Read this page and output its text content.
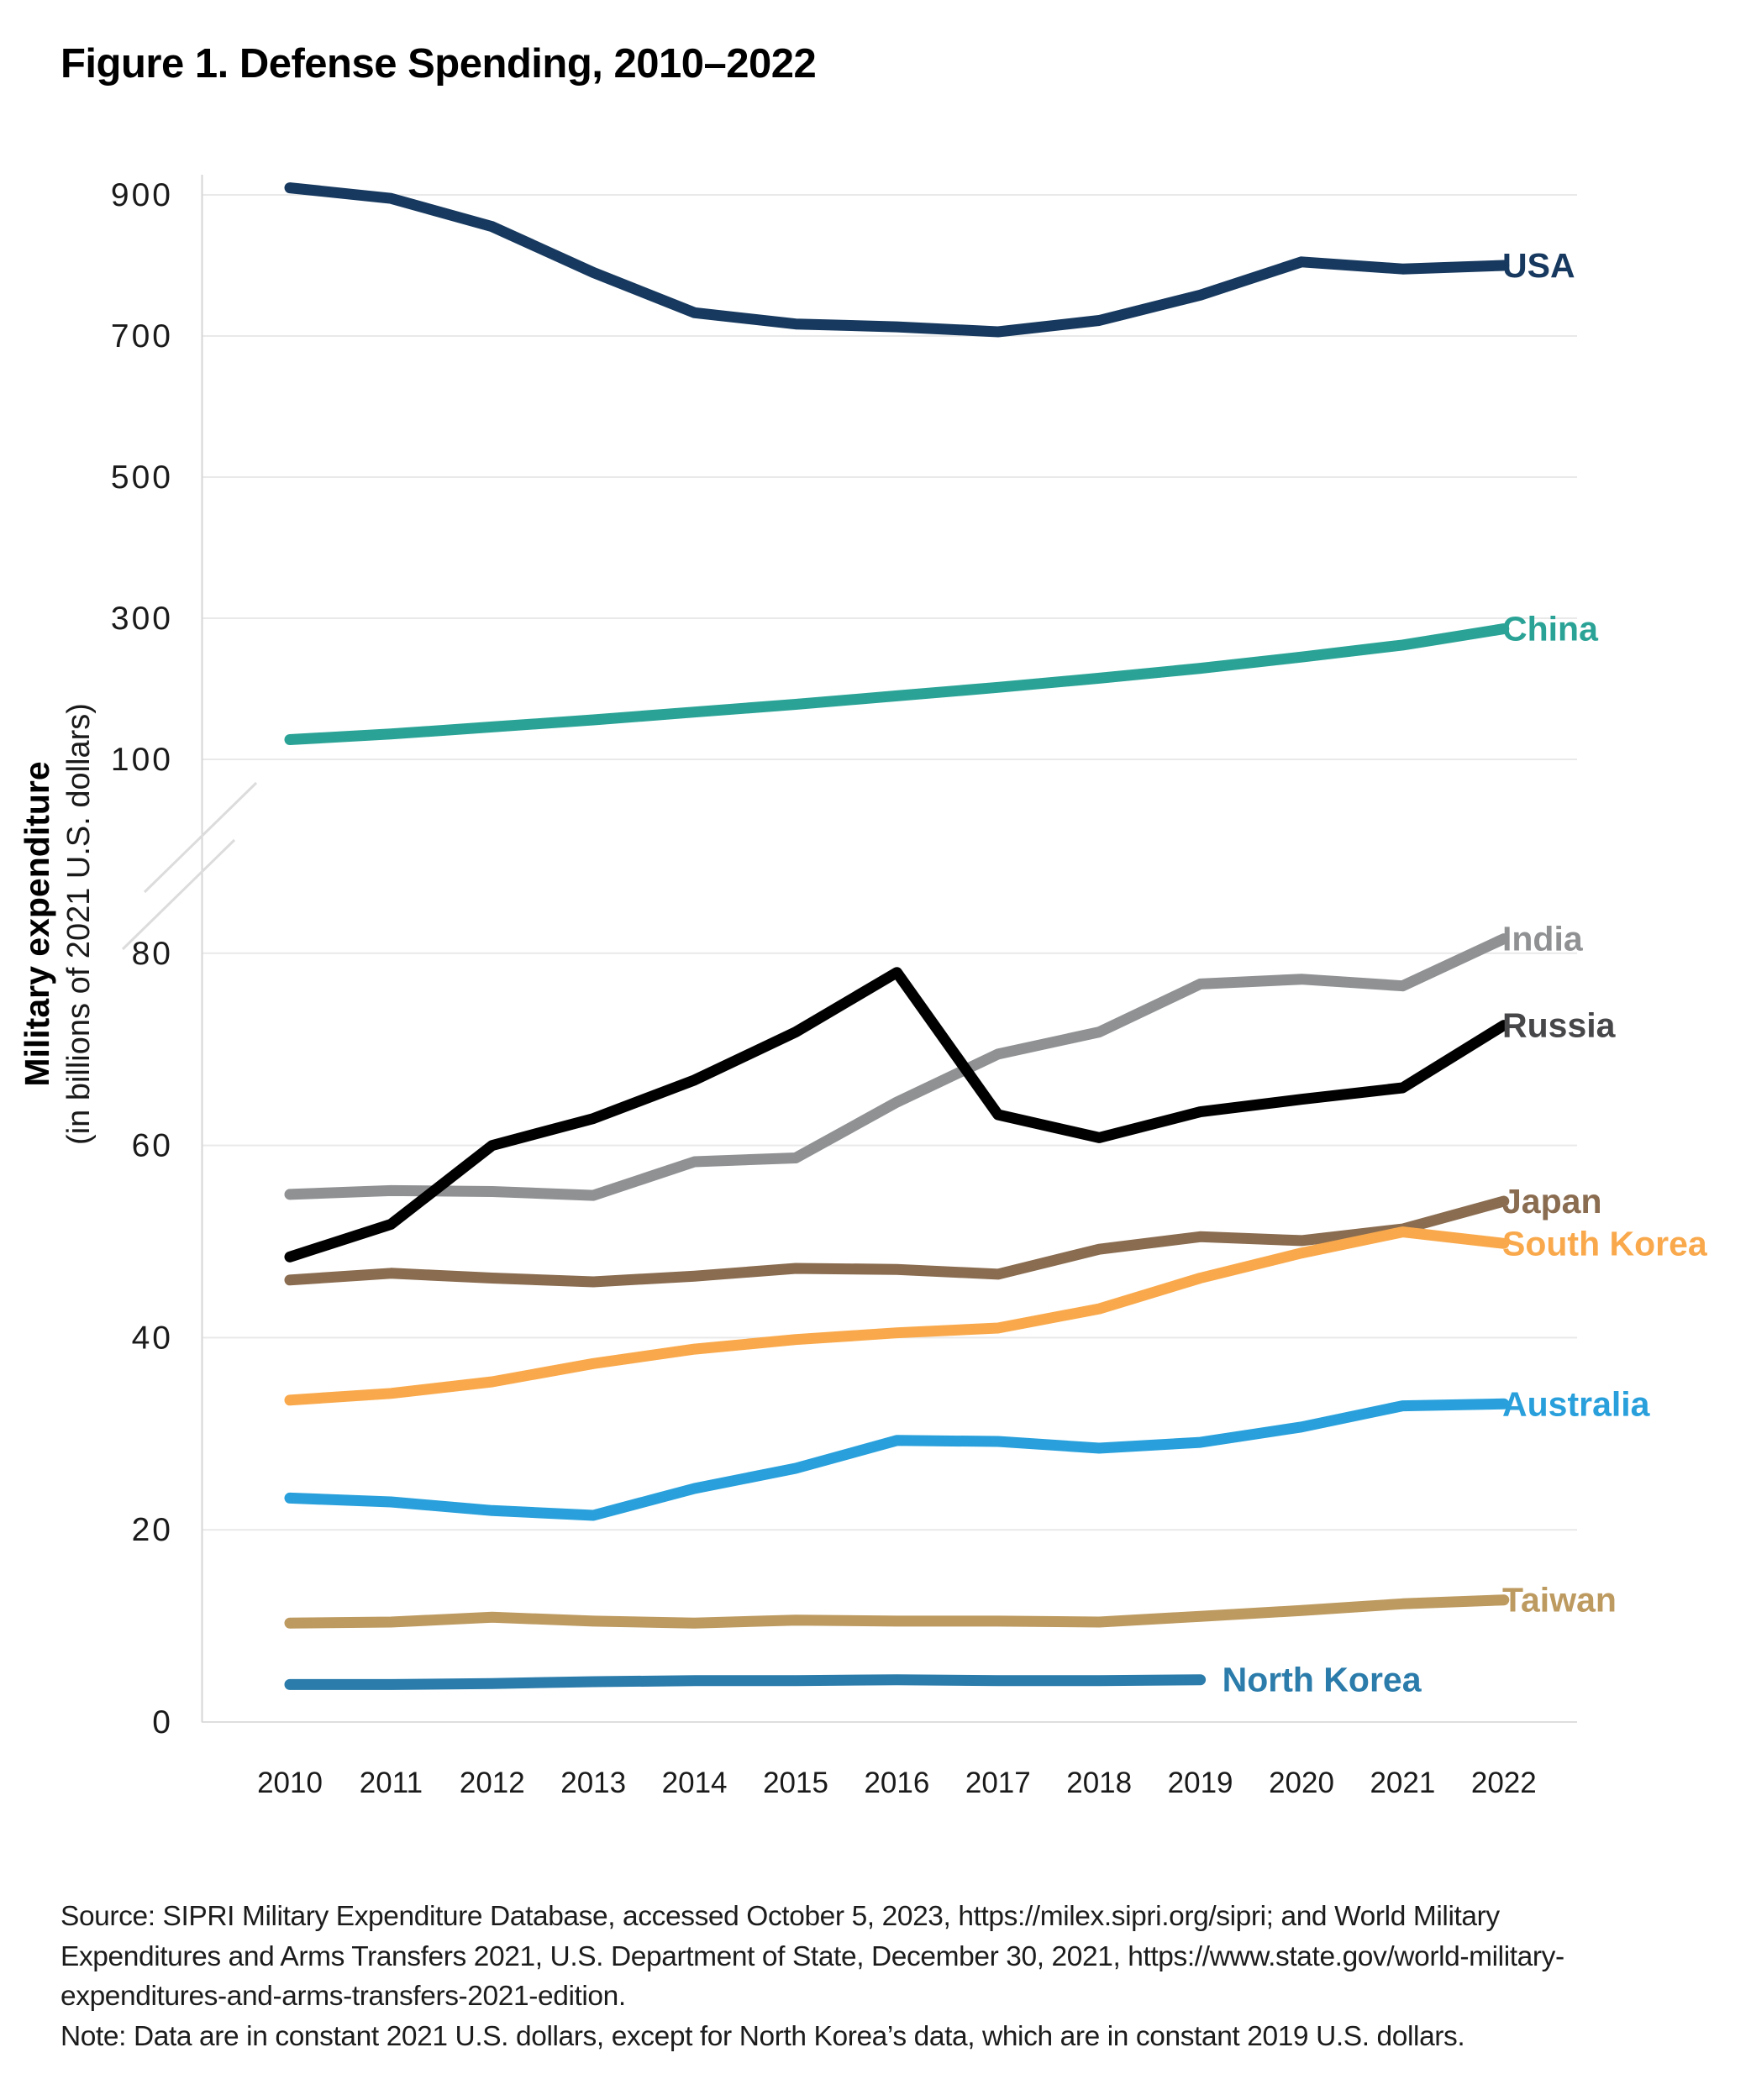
Figure 1. Defense Spending, 2010–2022
900
700
500
300
100
80
60
40
20
0
2010 2011 2012 2013 2014 2015 2016 2017 2018 2019 2020 2021 2022
USA
China
India
Russia
Japan
South Korea
Australia
Taiwan
North Korea
Military expenditure (in billions of 2021 U.S. dollars)

Source: SIPRI Military Expenditure Database, accessed October 5, 2023, https://milex.sipri.org/sipri; and World Military

Expenditures and Arms Transfers 2021, U.S. Department of State, December 30, 2021, https://www.state.gov/world-military-

expenditures-and-arms-transfers-2021-edition.

Note: Data are in constant 2021 U.S. dollars, except for North Korea’s data, which are in constant 2019 U.S. dollars.
